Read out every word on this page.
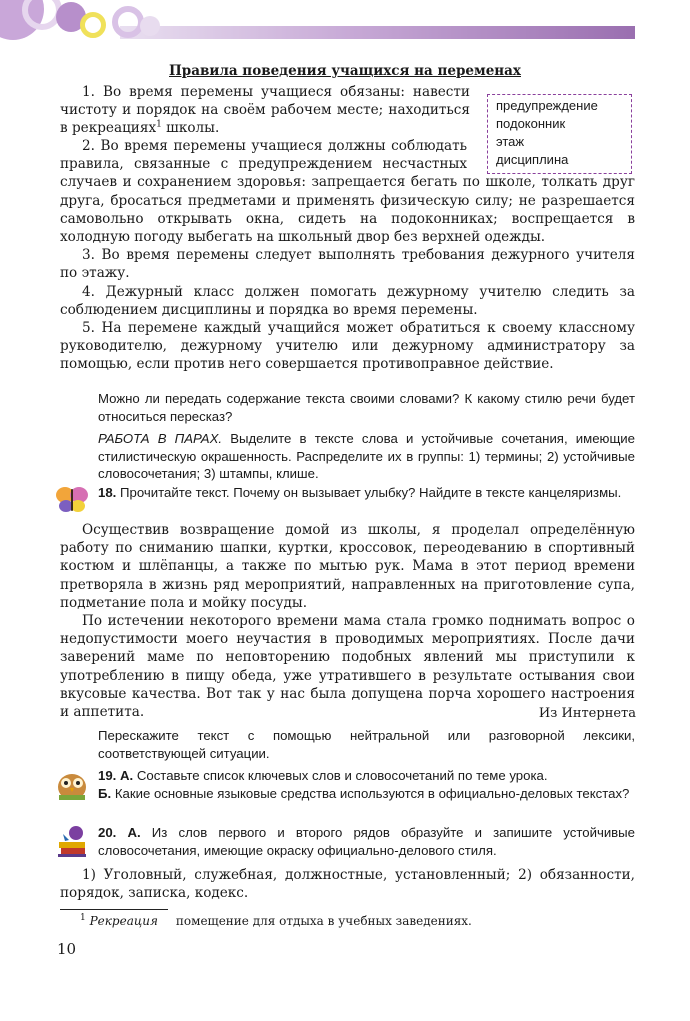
Правила поведения учащихся на переменах
предупреждение
подоконник
этаж
дисциплина

1. Во время перемены учащиеся обязаны: навести чистоту и порядок на своём рабочем месте; находиться в рекреациях$^1$ школы.

2. Во время перемены учащиеся должны соблюдать правила, связанные с предупреждением несчастных случаев и сохранением здоровья: запрещается бегать по школе, толкать друг друга, бросаться предметами и применять физическую силу; не разрешается самовольно открывать окна, сидеть на подоконниках; воспрещается в холодную погоду выбегать на школьный двор без верхней одежды.

3. Во время перемены следует выполнять требования дежурного учителя по этажу.

4. Дежурный класс должен помогать дежурному учителю следить за соблюдением дисциплины и порядка во время перемены.

5. На перемене каждый учащийся может обратиться к своему классному руководителю, дежурному учителю или дежурному администратору за помощью, если против него совершается противоправное действие.

Можно ли передать содержание текста своими словами? К какому стилю речи будет относиться пересказ?

РАБОТА В ПАРАХ. Выделите в тексте слова и устойчивые сочетания, имеющие стилистическую окрашенность. Распределите их в группы: 1) термины; 2) устойчивые словосочетания; 3) штампы, клише.

18. Прочитайте текст. Почему он вызывает улыбку? Найдите в тексте канцеляризмы.

Осуществив возвращение домой из школы, я проделал определённую работу по сниманию шапки, куртки, кроссовок, переодеванию в спортивный костюм и шлёпанцы, а также по мытью рук. Мама в этот период времени претворяла в жизнь ряд мероприятий, направленных на приготовление супа, подметание пола и мойку посуды.

По истечении некоторого времени мама стала громко поднимать вопрос о недопустимости моего неучастия в проводимых мероприятиях. После дачи заверений маме по неповторению подобных явлений мы приступили к употреблению в пищу обеда, уже утратившего в результате остывания свои вкусовые качества. Вот так у нас была допущена порча хорошего настроения и аппетита.	Из Интернета

Перескажите текст с помощью нейтральной или разговорной лексики, соответствующей ситуации.

19. А. Составьте список ключевых слов и словосочетаний по теме урока.

Б. Какие основные языковые средства используются в официально-деловых текстах?

20. А. Из слов первого и второго рядов образуйте и запишите устойчивые словосочетания, имеющие окраску официально-делового стиля.

1) Уголовный, служебная, должностные, установленный; 2) обязанности, порядок, записка, кодекс.

$^1$ Рекреация помещение для отдыха в учебных заведениях.
10
